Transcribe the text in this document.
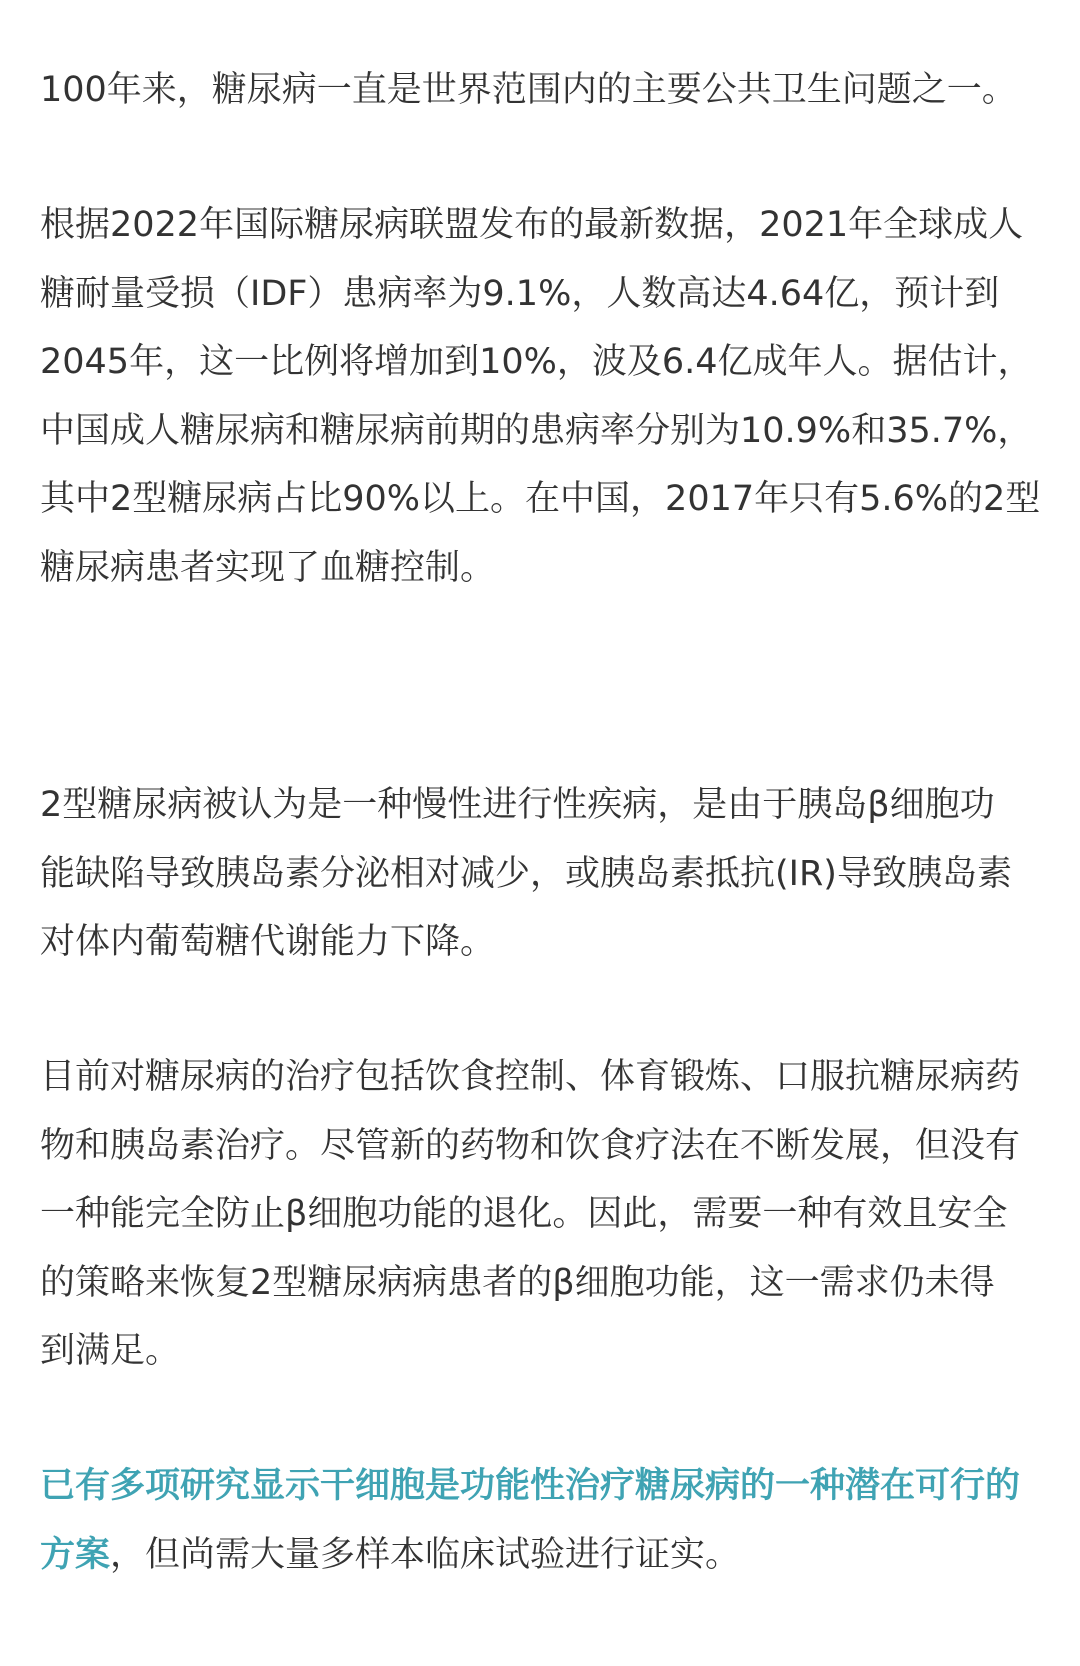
100年来，糖尿病一直是世界范围内的主要公共卫生问题之一。
根据2022年国际糖尿病联盟发布的最新数据，2021年全球成人
糖耐量受损（IDF）患病率为9.1%，人数高达4.64亿，预计到
2045年，这一比例将增加到10%，波及6.4亿成年人。据估计，
中国成人糖尿病和糖尿病前期的患病率分别为10.9%和35.7%，
其中2型糖尿病占比90%以上。在中国，2017年只有5.6%的2型
糖尿病患者实现了血糖控制。
2型糖尿病被认为是一种慢性进行性疾病，是由于胰岛β细胞功
能缺陷导致胰岛素分泌相对减少，或胰岛素抵抗(IR)导致胰岛素
对体内葡萄糖代谢能力下降。
目前对糖尿病的治疗包括饮食控制、体育锻炼、口服抗糖尿病药
物和胰岛素治疗。尽管新的药物和饮食疗法在不断发展，但没有
一种能完全防止β细胞功能的退化。因此，需要一种有效且安全
的策略来恢复2型糖尿病病患者的β细胞功能，这一需求仍未得
到满足。
已有多项研究显示干细胞是功能性治疗糖尿病的一种潜在可行的
方案，但尚需大量多样本临床试验进行证实。
